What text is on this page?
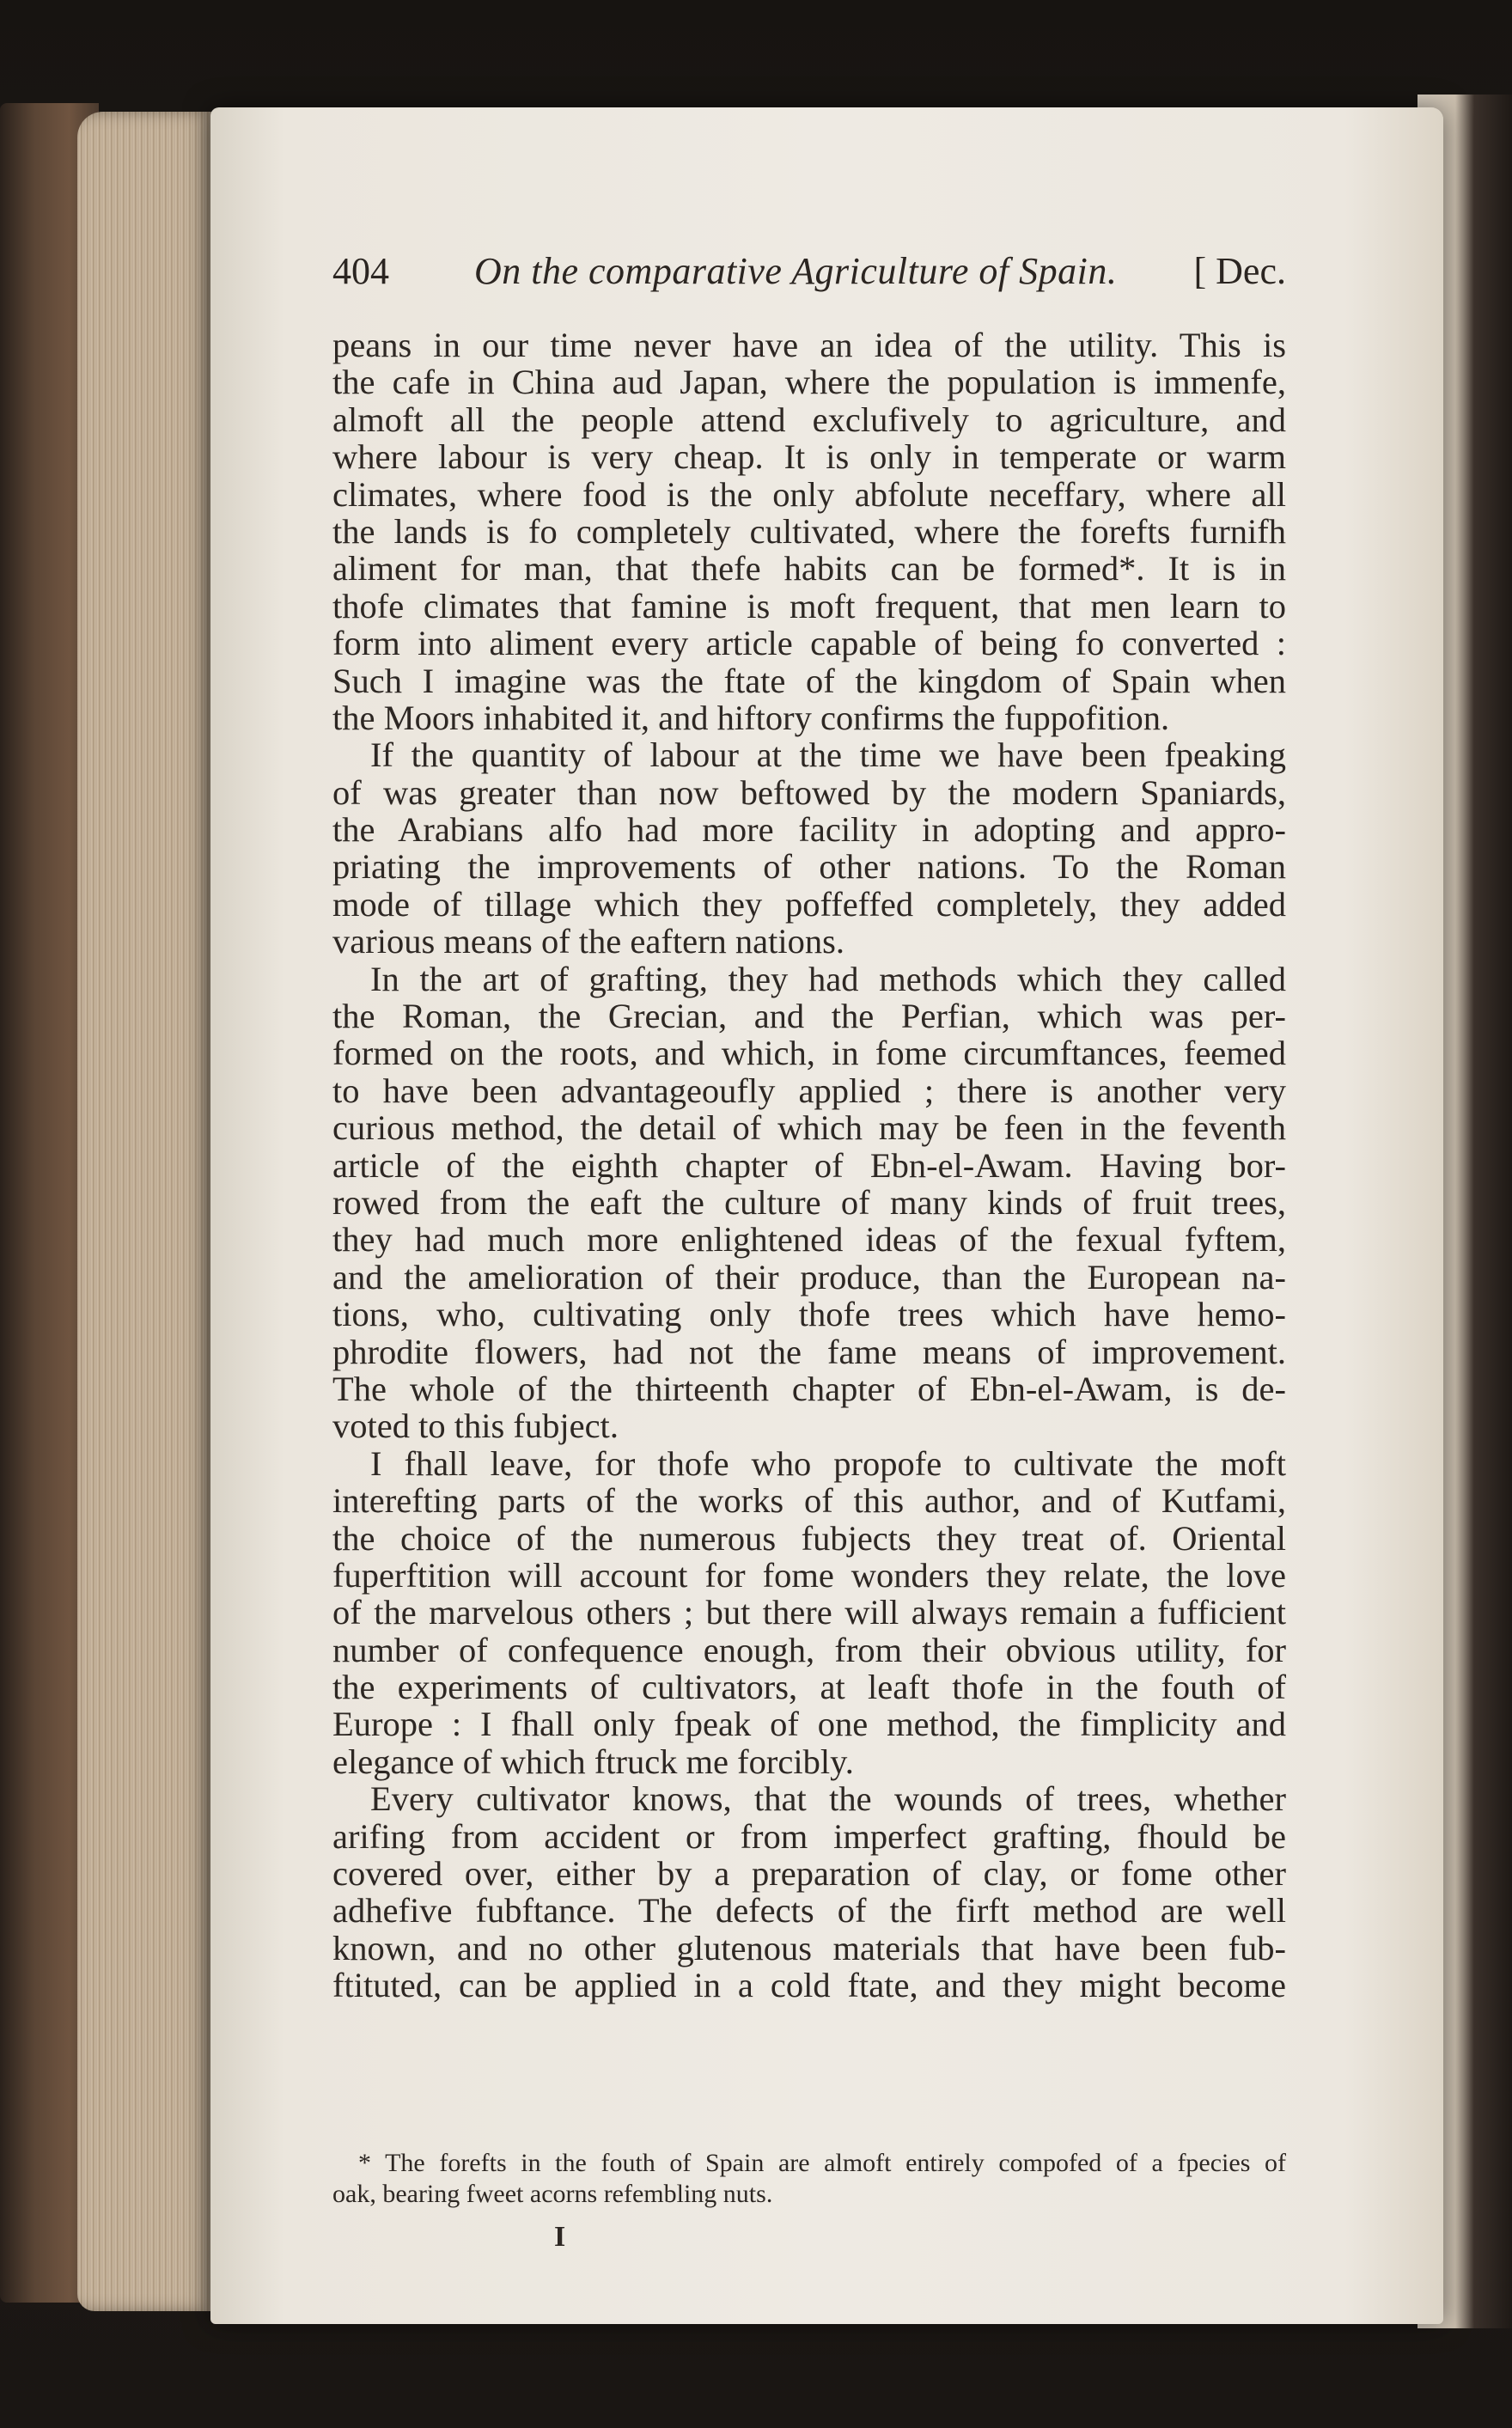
404 On the comparative Agriculture of Spain. [ Dec.
peans in our time never have an idea of the utility. This is
the cafe in China aud Japan, where the population is immenfe,
almoft all the people attend exclufively to agriculture, and
where labour is very cheap. It is only in temperate or warm
climates, where food is the only abfolute neceffary, where all
the lands is fo completely cultivated, where the forefts furnifh
aliment for man, that thefe habits can be formed*. It is in
thofe climates that famine is moft frequent, that men learn to
form into aliment every article capable of being fo converted :
Such I imagine was the ftate of the kingdom of Spain when
the Moors inhabited it, and hiftory confirms the fuppofition.
If the quantity of labour at the time we have been fpeaking
of was greater than now beftowed by the modern Spaniards,
the Arabians alfo had more facility in adopting and appro-
priating the improvements of other nations. To the Roman
mode of tillage which they poffeffed completely, they added
various means of the eaftern nations.
In the art of grafting, they had methods which they called
the Roman, the Grecian, and the Perfian, which was per-
formed on the roots, and which, in fome circumftances, feemed
to have been advantageoufly applied ; there is another very
curious method, the detail of which may be feen in the feventh
article of the eighth chapter of Ebn-el-Awam. Having bor-
rowed from the eaft the culture of many kinds of fruit trees,
they had much more enlightened ideas of the fexual fyftem,
and the amelioration of their produce, than the European na-
tions, who, cultivating only thofe trees which have hemo-
phrodite flowers, had not the fame means of improvement.
The whole of the thirteenth chapter of Ebn-el-Awam, is de-
voted to this fubject.
I fhall leave, for thofe who propofe to cultivate the moft
interefting parts of the works of this author, and of Kutfami,
the choice of the numerous fubjects they treat of. Oriental
fuperftition will account for fome wonders they relate, the love
of the marvelous others ; but there will always remain a fufficient
number of confequence enough, from their obvious utility, for
the experiments of cultivators, at leaft thofe in the fouth of
Europe : I fhall only fpeak of one method, the fimplicity and
elegance of which ftruck me forcibly.
Every cultivator knows, that the wounds of trees, whether
arifing from accident or from imperfect grafting, fhould be
covered over, either by a preparation of clay, or fome other
adhefive fubftance. The defects of the firft method are well
known, and no other glutenous materials that have been fub-
ftituted, can be applied in a cold ftate, and they might become
* The forefts in the fouth of Spain are almoft entirely compofed of a fpecies of
oak, bearing fweet acorns refembling nuts.
I
